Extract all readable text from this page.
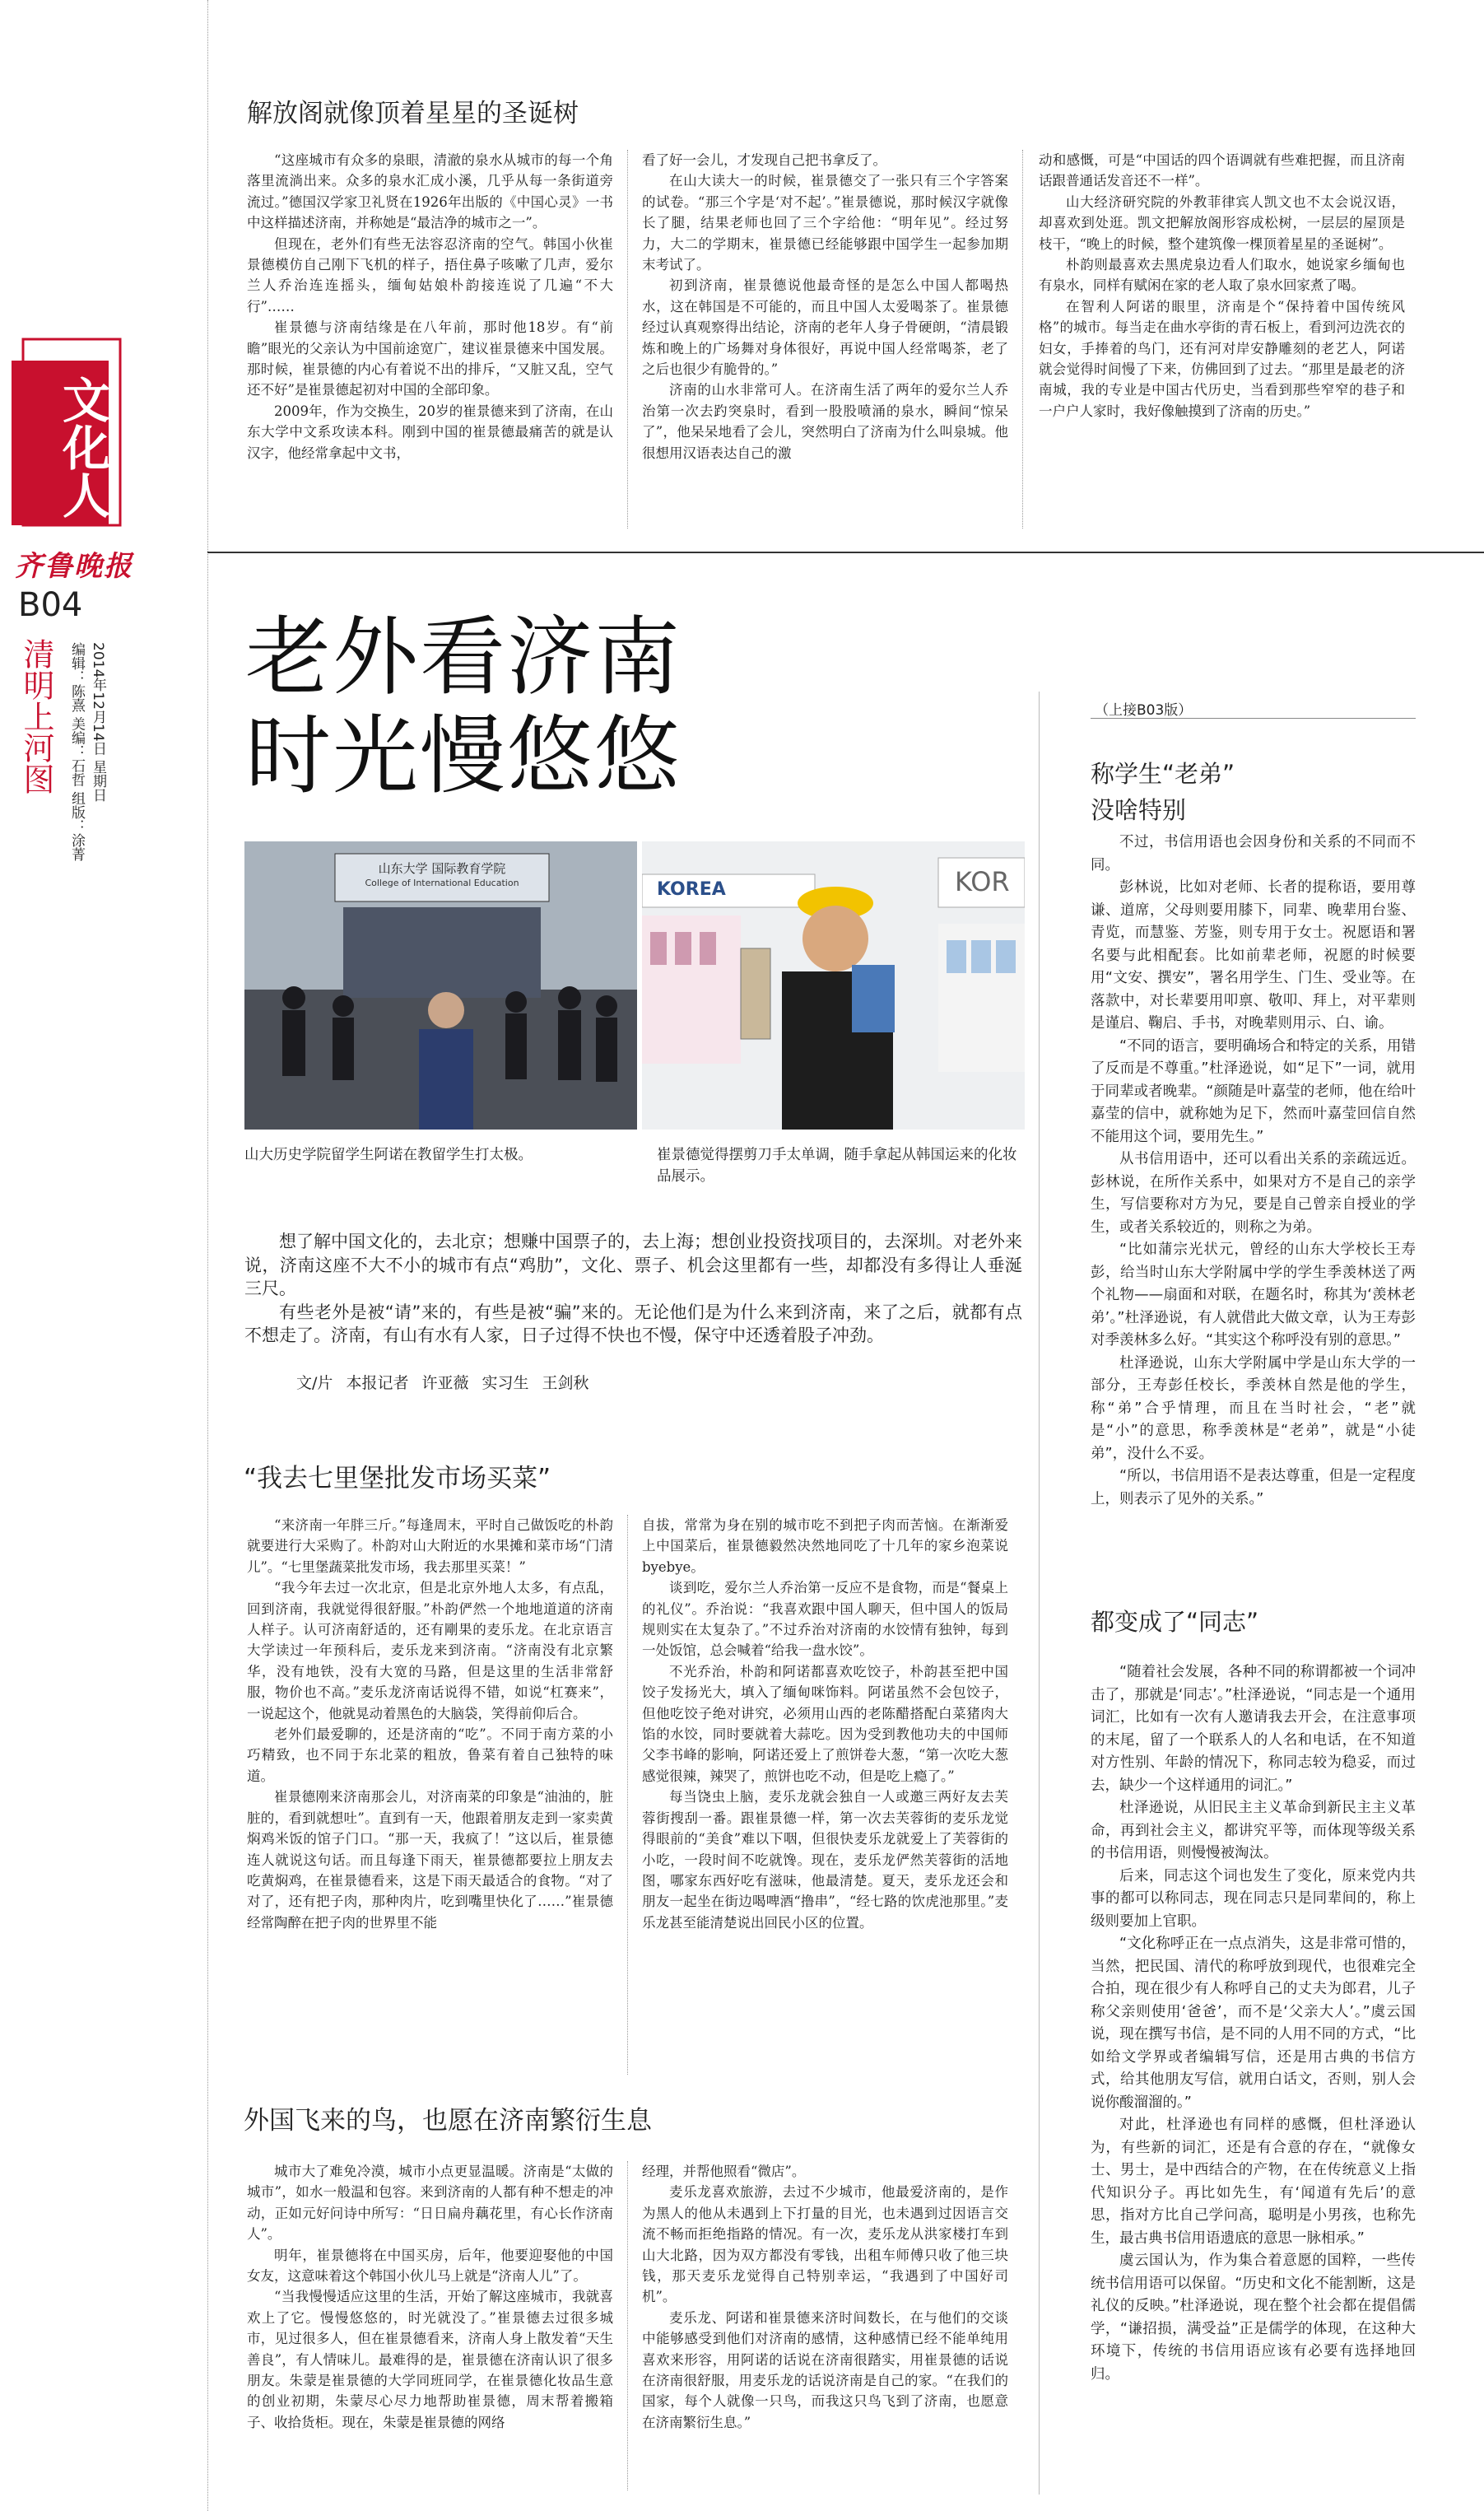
文化人
齐鲁晚报
B04
清明上河图 编辑：陈熹 美编：石哲 组版：涂菁 2014年12月14日 星期日
解放阁就像顶着星星的圣诞树

“这座城市有众多的泉眼，清澈的泉水从城市的每一个角落里流淌出来。众多的泉水汇成小溪，几乎从每一条街道旁流过。”德国汉学家卫礼贤在1926年出版的《中国心灵》一书中这样描述济南，并称她是“最洁净的城市之一”。

但现在，老外们有些无法容忍济南的空气。韩国小伙崔景德模仿自己刚下飞机的样子，捂住鼻子咳嗽了几声，爱尔兰人乔治连连摇头，缅甸姑娘朴韵接连说了几遍“不大行”……

崔景德与济南结缘是在八年前，那时他18岁。有“前瞻”眼光的父亲认为中国前途宽广，建议崔景德来中国发展。那时候，崔景德的内心有着说不出的排斥，“又脏又乱，空气还不好”是崔景德起初对中国的全部印象。

2009年，作为交换生，20岁的崔景德来到了济南，在山东大学中文系攻读本科。刚到中国的崔景德最痛苦的就是认汉字，他经常拿起中文书，

看了好一会儿，才发现自己把书拿反了。

在山大读大一的时候，崔景德交了一张只有三个字答案的试卷。“那三个字是‘对不起’。”崔景德说，那时候汉字就像长了腿，结果老师也回了三个字给他：“明年见”。经过努力，大二的学期末，崔景德已经能够跟中国学生一起参加期末考试了。

初到济南，崔景德说他最奇怪的是怎么中国人都喝热水，这在韩国是不可能的，而且中国人太爱喝茶了。崔景德经过认真观察得出结论，济南的老年人身子骨硬朗，“清晨锻炼和晚上的广场舞对身体很好，再说中国人经常喝茶，老了之后也很少有脆骨的。”

济南的山水非常可人。在济南生活了两年的爱尔兰人乔治第一次去趵突泉时，看到一股股喷涌的泉水，瞬间“惊呆了”，他呆呆地看了会儿，突然明白了济南为什么叫泉城。他很想用汉语表达自己的激

动和感慨，可是“中国话的四个语调就有些难把握，而且济南话跟普通话发音还不一样”。

山大经济研究院的外教菲律宾人凯文也不太会说汉语，却喜欢到处逛。凯文把解放阁形容成松树，一层层的屋顶是枝干，“晚上的时候，整个建筑像一棵顶着星星的圣诞树”。

朴韵则最喜欢去黑虎泉边看人们取水，她说家乡缅甸也有泉水，同样有赋闲在家的老人取了泉水回家煮了喝。

在智利人阿诺的眼里，济南是个“保持着中国传统风格”的城市。每当走在曲水亭街的青石板上，看到河边洗衣的妇女，手捧着的鸟门，还有河对岸安静雕刻的老艺人，阿诺就会觉得时间慢了下来，仿佛回到了过去。“那里是最老的济南城，我的专业是中国古代历史，当看到那些窄窄的巷子和一户户人家时，我好像触摸到了济南的历史。”

老外看济南
时光慢悠悠
山东大学 国际教育学院
College of International Education	KOREA	KOR
山大历史学院留学生阿诺在教留学生打太极。	崔景德觉得摆剪刀手太单调，随手拿起从韩国运来的化妆品展示。

想了解中国文化的，去北京；想赚中国票子的，去上海；想创业投资找项目的，去深圳。对老外来说，济南这座不大不小的城市有点“鸡肋”，文化、票子、机会这里都有一些，却都没有多得让人垂涎三尺。

有些老外是被“请”来的，有些是被“骗”来的。无论他们是为什么来到济南，来了之后，就都有点不想走了。济南，有山有水有人家，日子过得不快也不慢，保守中还透着股子冲劲。

文/片 本报记者 许亚薇 实习生 王剑秋
“我去七里堡批发市场买菜”

“来济南一年胖三斤。”每逢周末，平时自己做饭吃的朴韵就要进行大采购了。朴韵对山大附近的水果摊和菜市场“门清儿”。“七里堡蔬菜批发市场，我去那里买菜！”

“我今年去过一次北京，但是北京外地人太多，有点乱，回到济南，我就觉得很舒服。”朴韵俨然一个地地道道的济南人样子。认可济南舒适的，还有剛果的麦乐龙。在北京语言大学读过一年预科后，麦乐龙来到济南。“济南没有北京繁华，没有地铁，没有大宽的马路，但是这里的生活非常舒服，物价也不高。”麦乐龙济南话说得不错，如说“杠赛来”，一说起这个，他就晃动着黑色的大脑袋，笑得前仰后合。

老外们最爱聊的，还是济南的“吃”。不同于南方菜的小巧精致，也不同于东北菜的粗放，鲁菜有着自己独特的味道。

崔景德刚来济南那会儿，对济南菜的印象是“油油的，脏脏的，看到就想吐”。直到有一天，他跟着朋友走到一家卖黄焖鸡米饭的馆子门口。“那一天，我疯了！”这以后，崔景德连人就说这句话。而且每逢下雨天，崔景德都要拉上朋友去吃黄焖鸡，在崔景德看来，这是下雨天最适合的食物。“对了对了，还有把子肉，那种肉片，吃到嘴里快化了……”崔景德经常陶醉在把子肉的世界里不能

自拔，常常为身在别的城市吃不到把子肉而苦恼。在渐渐爱上中国菜后，崔景德毅然决然地同吃了十几年的家乡泡菜说byebye。

谈到吃，爱尔兰人乔治第一反应不是食物，而是“餐桌上的礼仪”。乔治说：“我喜欢跟中国人聊天，但中国人的饭局规则实在太复杂了。”不过乔治对济南的水饺情有独钟，每到一处饭馆，总会喊着“给我一盘水饺”。

不光乔治，朴韵和阿诺都喜欢吃饺子，朴韵甚至把中国饺子发扬光大，填入了缅甸咪饰料。阿诺虽然不会包饺子，但他吃饺子绝对讲究，必须用山西的老陈醋搭配白菜猪肉大馅的水饺，同时要就着大蒜吃。因为受到教他功夫的中国师父李书峰的影响，阿诺还爱上了煎饼卷大葱，“第一次吃大葱感觉很辣，辣哭了，煎饼也吃不动，但是吃上瘾了。”

每当饶虫上脑，麦乐龙就会独自一人或邀三两好友去芙蓉街搜刮一番。跟崔景德一样，第一次去芙蓉街的麦乐龙觉得眼前的“美食”难以下咽，但很快麦乐龙就爱上了芙蓉街的小吃，一段时间不吃就馋。现在，麦乐龙俨然芙蓉街的活地图，哪家东西好吃有滋味，他最清楚。夏天，麦乐龙还会和朋友一起坐在街边喝啤酒“撸串”，“经七路的饮虎池那里。”麦乐龙甚至能清楚说出回民小区的位置。

外国飞来的鸟，也愿在济南繁衍生息

城市大了难免冷漠，城市小点更显温暖。济南是“太做的城市”，如水一般温和包容。来到济南的人都有种不想走的冲动，正如元好问诗中所写：“日日扁舟藕花里，有心长作济南人”。

明年，崔景德将在中国买房，后年，他要迎娶他的中国女友，这意味着这个韩国小伙儿马上就是“济南人儿”了。

“当我慢慢适应这里的生活，开始了解这座城市，我就喜欢上了它。慢慢悠悠的，时光就没了。”崔景德去过很多城市，见过很多人，但在崔景德看来，济南人身上散发着“天生善良”，有人情味儿。最难得的是，崔景德在济南认识了很多朋友。朱蒙是崔景德的大学同班同学，在崔景德化妆品生意的创业初期，朱蒙尽心尽力地帮助崔景德，周末帮着搬箱子、收拾货柜。现在，朱蒙是崔景德的网络

经理，并帮他照看“微店”。

麦乐龙喜欢旅游，去过不少城市，他最爱济南的，是作为黑人的他从未遇到上下打量的目光，也未遇到过因语言交流不畅而拒绝指路的情况。有一次，麦乐龙从洪家楼打车到山大北路，因为双方都没有零钱，出租车师傅只收了他三块钱，那天麦乐龙觉得自己特别幸运，“我遇到了中国好司机”。

麦乐龙、阿诺和崔景德来济时间数长，在与他们的交谈中能够感受到他们对济南的感情，这种感情已经不能单纯用喜欢来形容，用阿诺的话说在济南很踏实，用崔景德的话说在济南很舒服，用麦乐龙的话说济南是自己的家。“在我们的国家，每个人就像一只鸟，而我这只鸟飞到了济南，也愿意在济南繁衍生息。”

（上接B03版）
称学生“老弟”
没啥特别

不过，书信用语也会因身份和关系的不同而不同。

彭林说，比如对老师、长者的提称语，要用尊谦、道席，父母则要用膝下，同辈、晚辈用台鉴、青览，而慧鉴、芳鉴，则专用于女士。祝愿语和署名要与此相配套。比如前辈老师，祝愿的时候要用“文安、撰安”，署名用学生、门生、受业等。在落款中，对长辈要用叩禀、敬叩、拜上，对平辈则是谨启、鞠启、手书，对晚辈则用示、白、谕。

“不同的语言，要明确场合和特定的关系，用错了反而是不尊重。”杜泽逊说，如“足下”一词，就用于同辈或者晚辈。“颜随是叶嘉莹的老师，他在给叶嘉莹的信中，就称她为足下，然而叶嘉莹回信自然不能用这个词，要用先生。”

从书信用语中，还可以看出关系的亲疏远近。彭林说，在所作关系中，如果对方不是自己的亲学生，写信要称对方为兄，要是自己曾亲自授业的学生，或者关系较近的，则称之为弟。

“比如蒲宗光状元，曾经的山东大学校长王寿彭，给当时山东大学附属中学的学生季羡林送了两个礼物——扇面和对联，在题名时，称其为‘羡林老弟’。”杜泽逊说，有人就借此大做文章，认为王寿彭对季羡林多么好。“其实这个称呼没有别的意思。”

杜泽逊说，山东大学附属中学是山东大学的一部分，王寿彭任校长，季羡林自然是他的学生，称“弟”合乎情理，而且在当时社会，“老”就是“小”的意思，称季羡林是“老弟”，就是“小徒弟”，没什么不妥。

“所以，书信用语不是表达尊重，但是一定程度上，则表示了见外的关系。”

都变成了“同志”

“随着社会发展，各种不同的称谓都被一个词冲击了，那就是‘同志’。”杜泽逊说，“同志是一个通用词汇，比如有一次有人邀请我去开会，在注意事项的末尾，留了一个联系人的人名和电话，在不知道对方性别、年龄的情况下，称同志较为稳妥，而过去，缺少一个这样通用的词汇。”

杜泽逊说，从旧民主主义革命到新民主主义革命，再到社会主义，都讲究平等，而体现等级关系的书信用语，则慢慢被淘汰。

后来，同志这个词也发生了变化，原来党内共事的都可以称同志，现在同志只是同辈间的，称上级则要加上官职。

“文化称呼正在一点点消失，这是非常可惜的，当然，把民国、清代的称呼放到现代，也很难完全合拍，现在很少有人称呼自己的丈夫为郎君，儿子称父亲则使用‘爸爸’，而不是‘父亲大人’。”虞云国说，现在撰写书信，是不同的人用不同的方式，“比如给文学界或者编辑写信，还是用古典的书信方式，给其他朋友写信，就用白话文，否则，别人会说你酸溜溜的。”

对此，杜泽逊也有同样的感慨，但杜泽逊认为，有些新的词汇，还是有合意的存在，“就像女士、男士，是中西结合的产物，在在传统意义上指代知识分子。再比如先生，有‘闻道有先后’的意思，指对方比自己学问高，聪明是小男孩，也称先生，最古典书信用语遗底的意思一脉相承。”

虞云国认为，作为集合着意愿的国粹，一些传统书信用语可以保留。“历史和文化不能割断，这是礼仪的反映。”杜泽逊说，现在整个社会都在提倡儒学，“谦招损，满受益”正是儒学的体现，在这种大环境下，传统的书信用语应该有必要有选择地回归。
